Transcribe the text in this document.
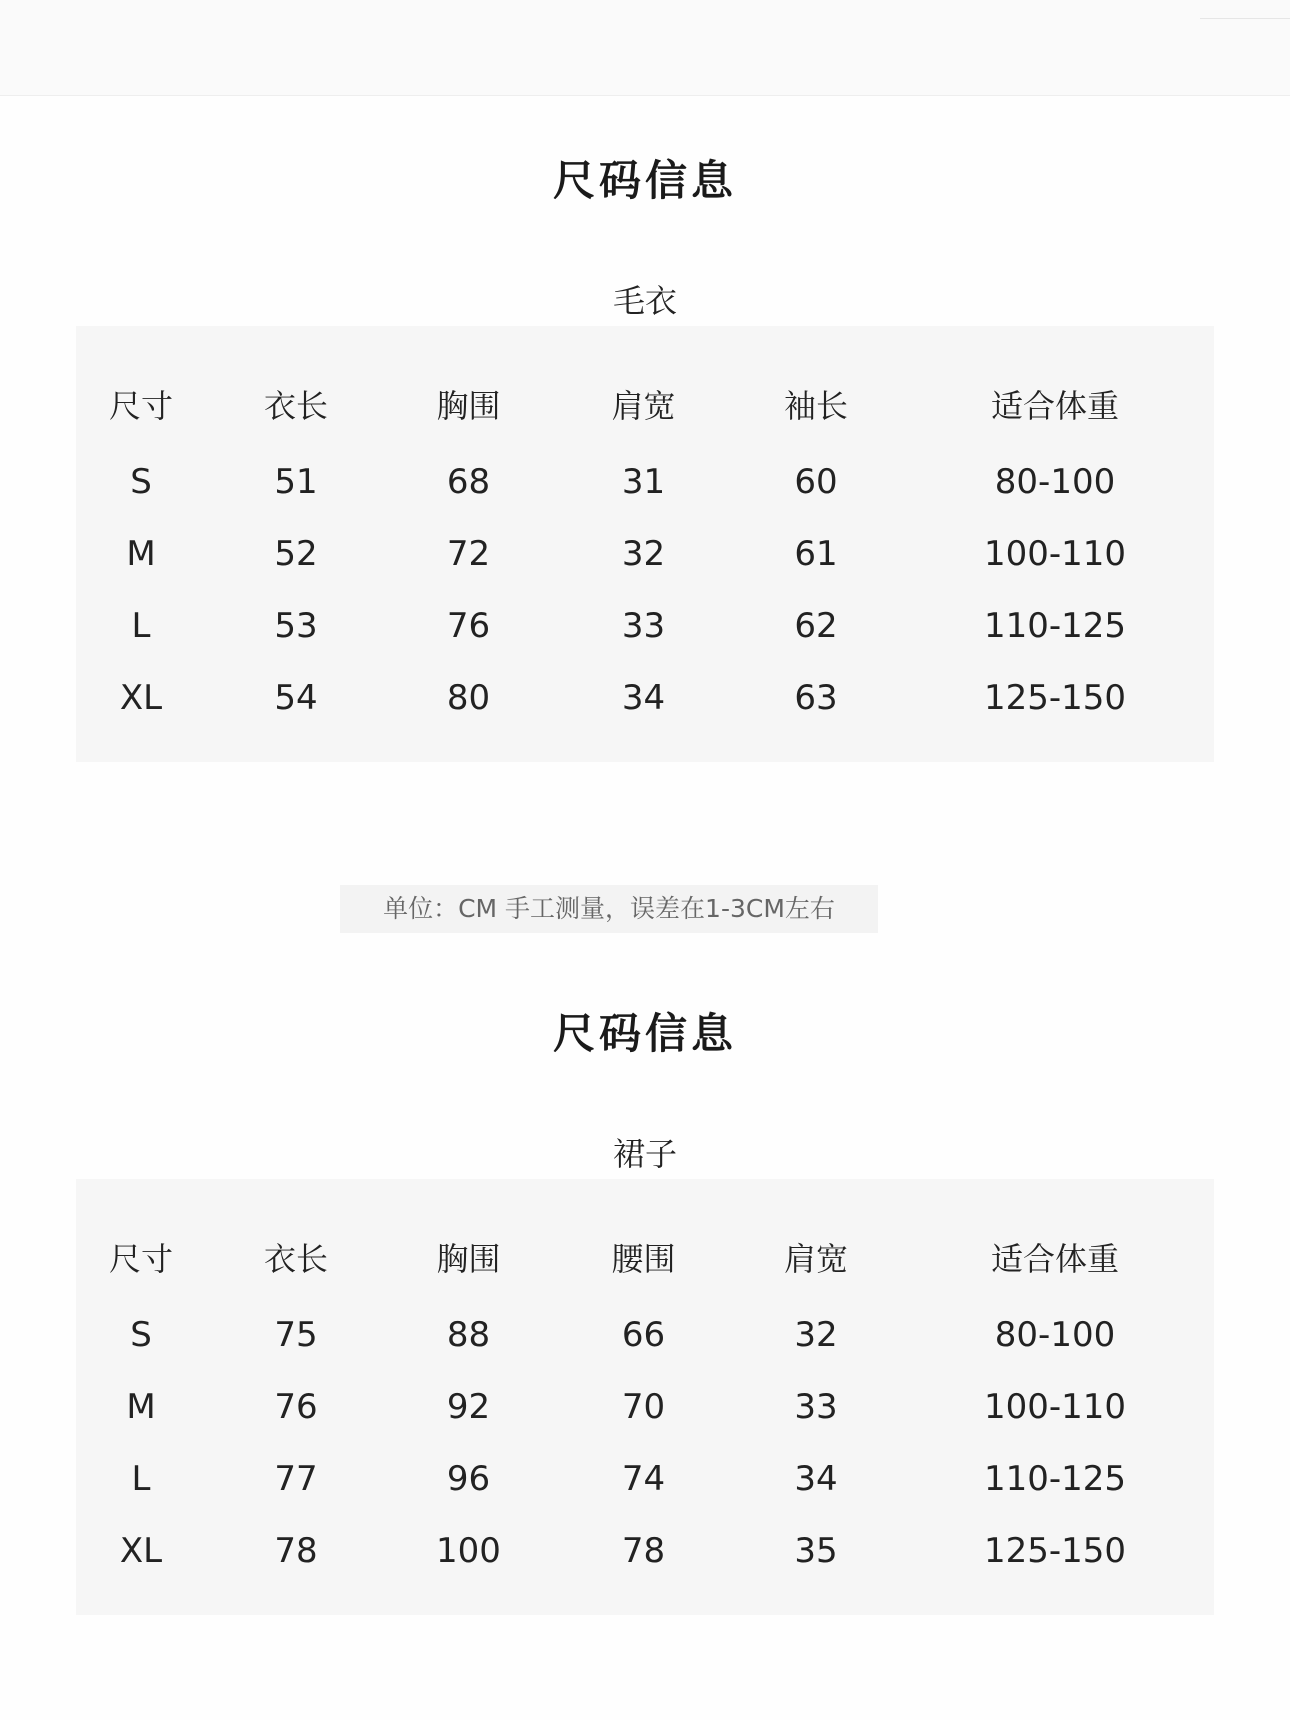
尺码信息
毛衣

尺寸	衣长	胸围	肩宽	袖长	适合体重
S	51	68	31	60	80-100
M	52	72	32	61	100-110
L	53	76	33	62	110-125
XL	54	80	34	63	125-150

单位：CM 手工测量，误差在1-3CM左右
尺码信息
裙子

尺寸	衣长	胸围	腰围	肩宽	适合体重
S	75	88	66	32	80-100
M	76	92	70	33	100-110
L	77	96	74	34	110-125
XL	78	100	78	35	125-150
